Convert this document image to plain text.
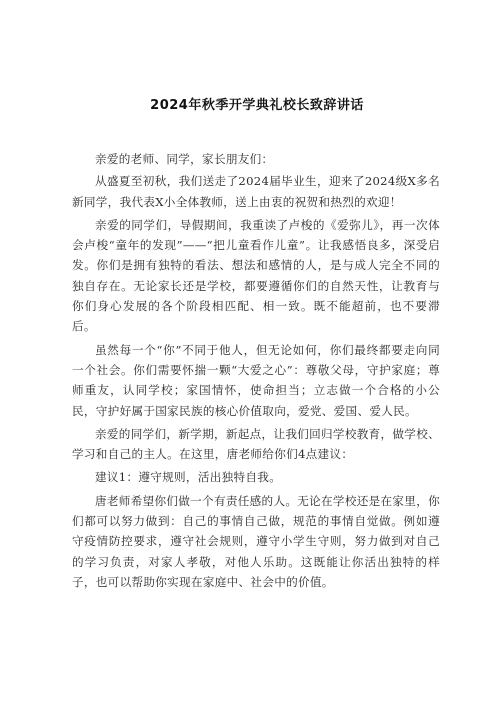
2024年秋季开学典礼校长致辞讲话

亲爱的老师、同学，家长朋友们：

从盛夏至初秋，我们送走了2024届毕业生，迎来了2024级X多名新同学，我代表X小全体教师，送上由衷的祝贺和热烈的欢迎！

亲爱的同学们，导假期间，我重读了卢梭的《爱弥儿》，再一次体会卢梭“童年的发现”——“把儿童看作儿童”。让我感悟良多，深受启发。你们是拥有独特的看法、想法和感情的人，是与成人完全不同的独自存在。无论家长还是学校，都要遵循你们的自然天性，让教育与你们身心发展的各个阶段相匹配、相一致。既不能超前，也不要滞后。

虽然每一个“你”不同于他人，但无论如何，你们最终都要走向同一个社会。你们需要怀揣一颗“大爱之心”：尊敬父母，守护家庭；尊师重友，认同学校；家国情怀，使命担当；立志做一个合格的小公民，守护好属于国家民族的核心价值取向，爱党、爱国、爱人民。

亲爱的同学们，新学期，新起点，让我们回归学校教育，做学校、学习和自己的主人。在这里，唐老师给你们4点建议：

建议1：遵守规则，活出独特自我。

唐老师希望你们做一个有责任感的人。无论在学校还是在家里，你们都可以努力做到：自己的事情自己做，规范的事情自觉做。例如遵守疫情防控要求，遵守社会规则，遵守小学生守则，努力做到对自己的学习负责，对家人孝敬，对他人乐助。这既能让你活出独特的样子，也可以帮助你实现在家庭中、社会中的价值。
